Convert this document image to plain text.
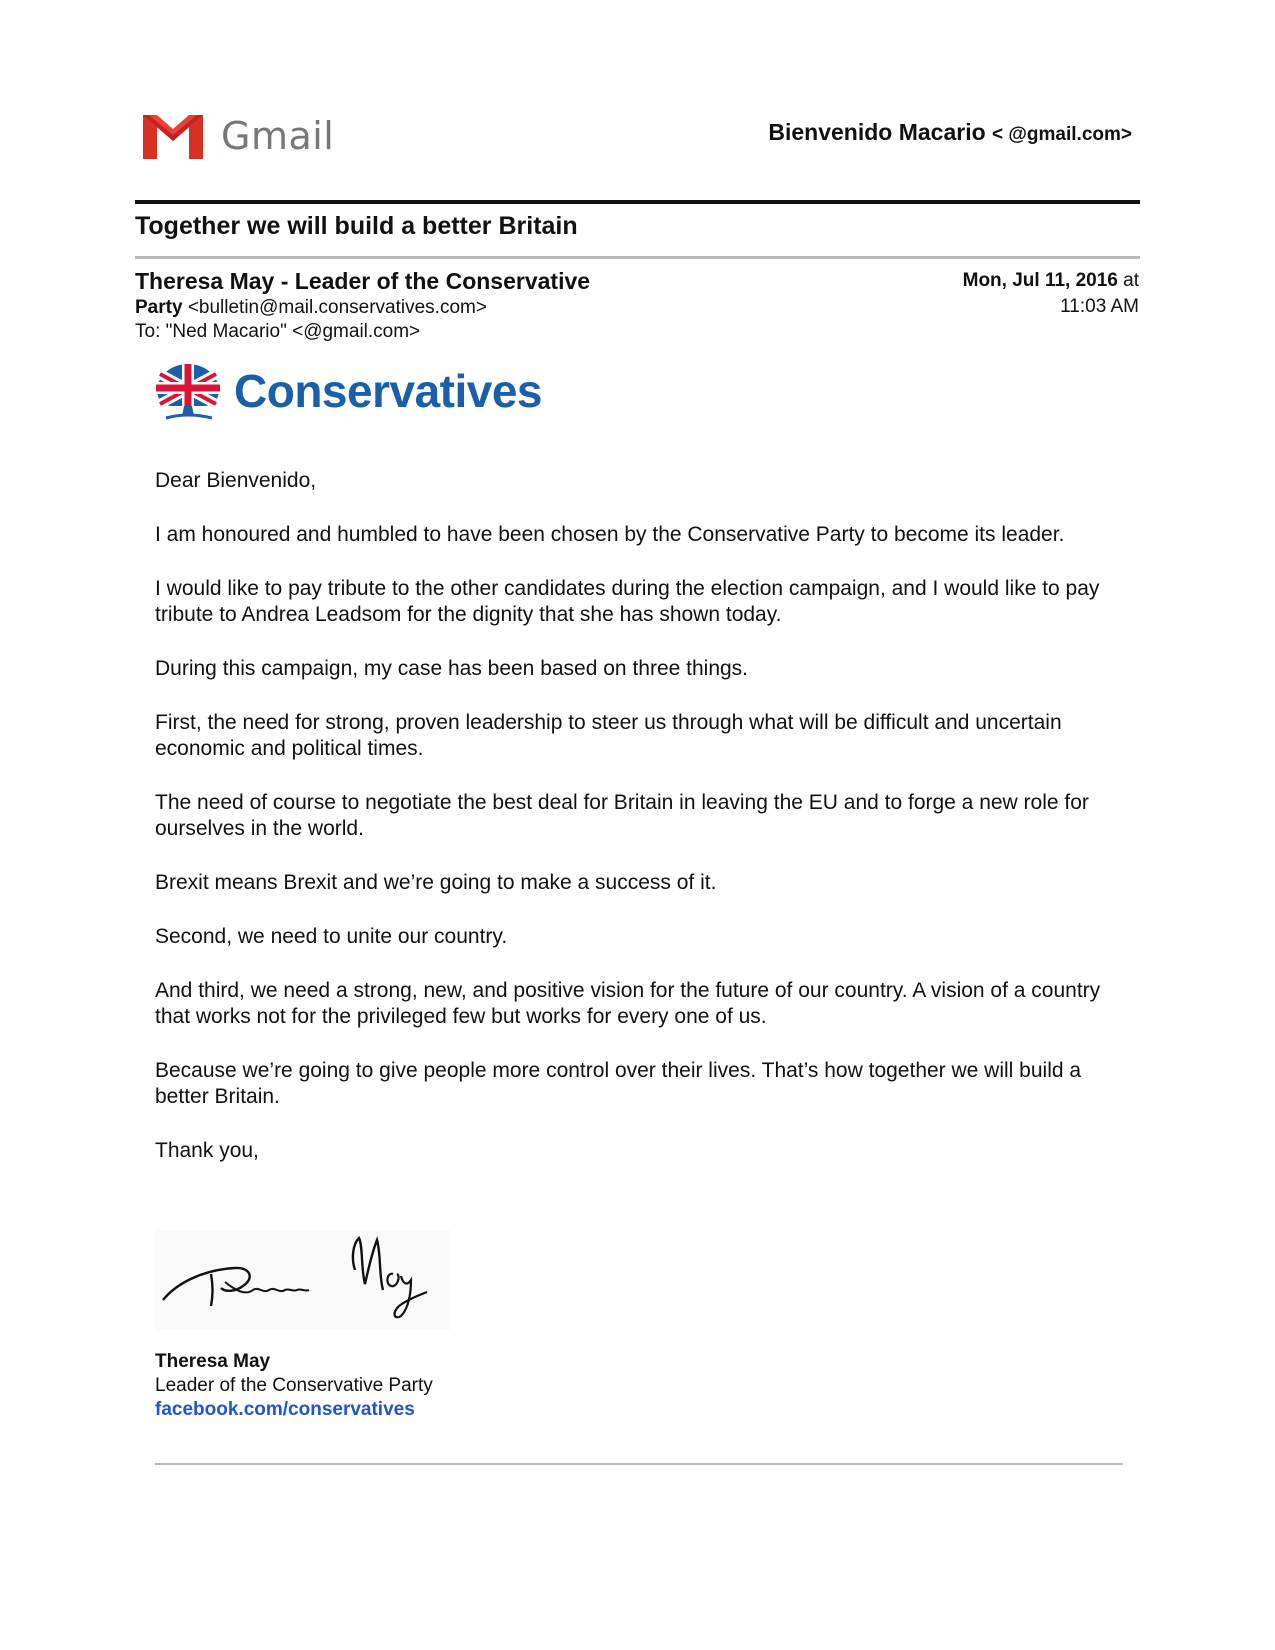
Gmail	Bienvenido Macario < @gmail.com>
Together we will build a better Britain
Theresa May - Leader of the Conservative
Party <bulletin@mail.conservatives.com>
To: "Ned Macario" <@gmail.com>
Mon, Jul 11, 2016 at
11:03 AM
Conservatives

Dear Bienvenido,

I am honoured and humbled to have been chosen by the Conservative Party to become its leader.

I would like to pay tribute to the other candidates during the election campaign, and I would like to pay tribute to Andrea Leadsom for the dignity that she has shown today.

During this campaign, my case has been based on three things.

First, the need for strong, proven leadership to steer us through what will be difficult and uncertain economic and political times.

The need of course to negotiate the best deal for Britain in leaving the EU and to forge a new role for ourselves in the world.

Brexit means Brexit and we’re going to make a success of it.

Second, we need to unite our country.

And third, we need a strong, new, and positive vision for the future of our country. A vision of a country that works not for the privileged few but works for every one of us.

Because we’re going to give people more control over their lives. That’s how together we will build a better Britain.

Thank you,

Theresa May
Leader of the Conservative Party
facebook.com/conservatives
